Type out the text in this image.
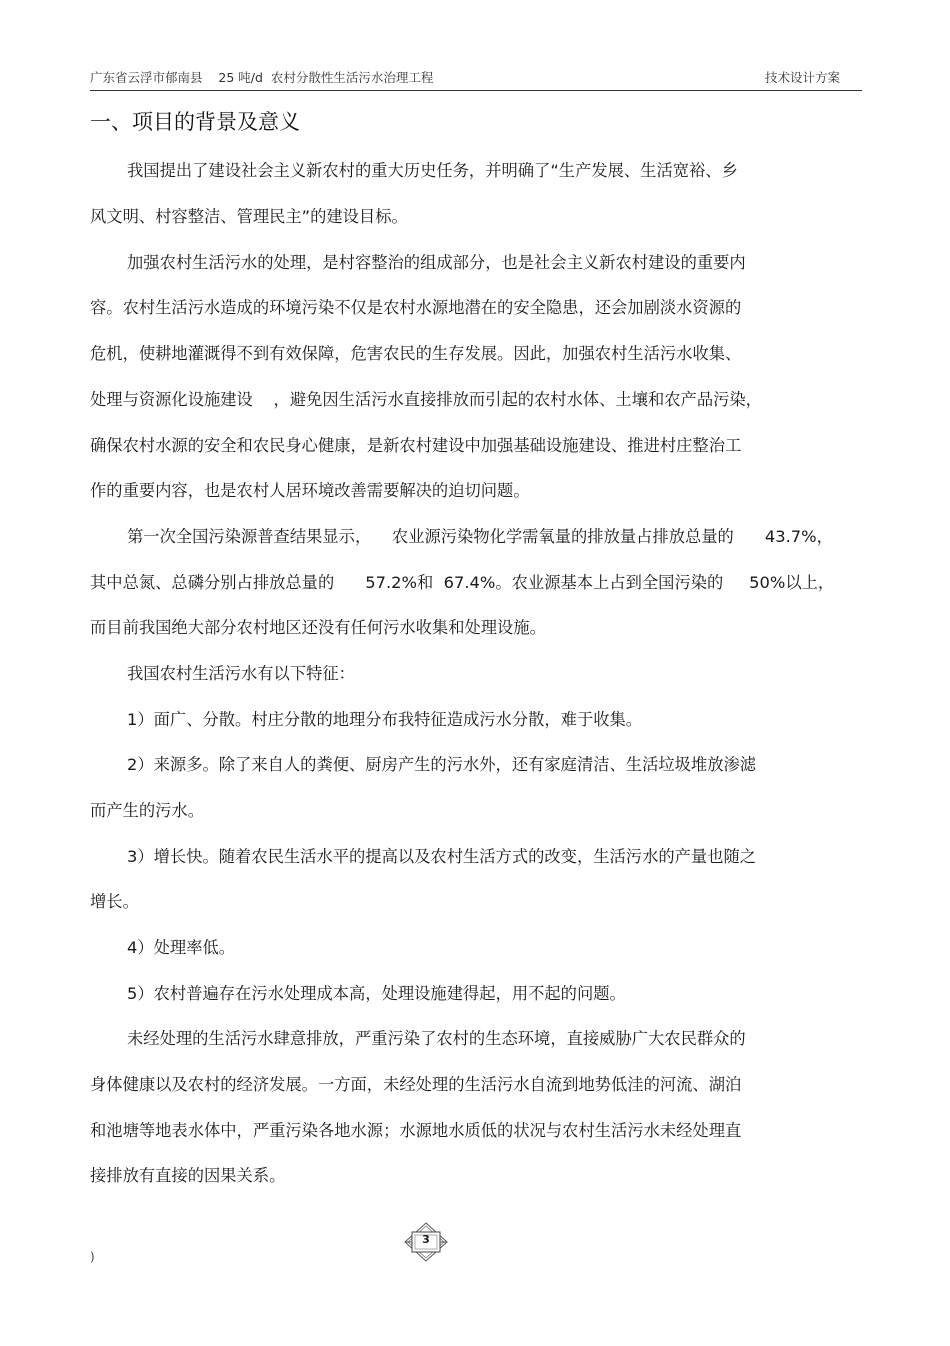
广东省云浮市郁南县    25 吨/d  农村分散性生活污水治理工程	技术设计方案
一、项目的背景及意义
我国提出了建设社会主义新农村的重大历史任务，并明确了“生产发展、生活宽裕、乡
风文明、村容整洁、管理民主”的建设目标。
加强农村生活污水的处理，是村容整治的组成部分，也是社会主义新农村建设的重要内
容。农村生活污水造成的环境污染不仅是农村水源地潜在的安全隐患，还会加剧淡水资源的
危机，使耕地灌溉得不到有效保障，危害农民的生存发展。因此，加强农村生活污水收集、
处理与资源化设施建设    ，避免因生活污水直接排放而引起的农村水体、土壤和农产品污染，
确保农村水源的安全和农民身心健康，是新农村建设中加强基础设施建设、推进村庄整治工
作的重要内容，也是农村人居环境改善需要解决的迫切问题。
第一次全国污染源普查结果显示，    农业源污染物化学需氧量的排放量占排放总量的      43.7%，
其中总氮、总磷分别占排放总量的      57.2%和  67.4%。农业源基本上占到全国污染的     50%以上，
而目前我国绝大部分农村地区还没有任何污水收集和处理设施。
我国农村生活污水有以下特征：
1）面广、分散。村庄分散的地理分布我特征造成污水分散，难于收集。
2）来源多。除了来自人的粪便、厨房产生的污水外，还有家庭清洁、生活垃圾堆放渗滤
而产生的污水。
3）增长快。随着农民生活水平的提高以及农村生活方式的改变，生活污水的产量也随之
增长。
4）处理率低。
5）农村普遍存在污水处理成本高，处理设施建得起，用不起的问题。
未经处理的生活污水肆意排放，严重污染了农村的生态环境，直接威胁广大农民群众的
身体健康以及农村的经济发展。一方面，未经处理的生活污水自流到地势低洼的河流、湖泊
和池塘等地表水体中，严重污染各地水源；水源地水质低的状况与农村生活污水未经处理直
接排放有直接的因果关系。
3
)
